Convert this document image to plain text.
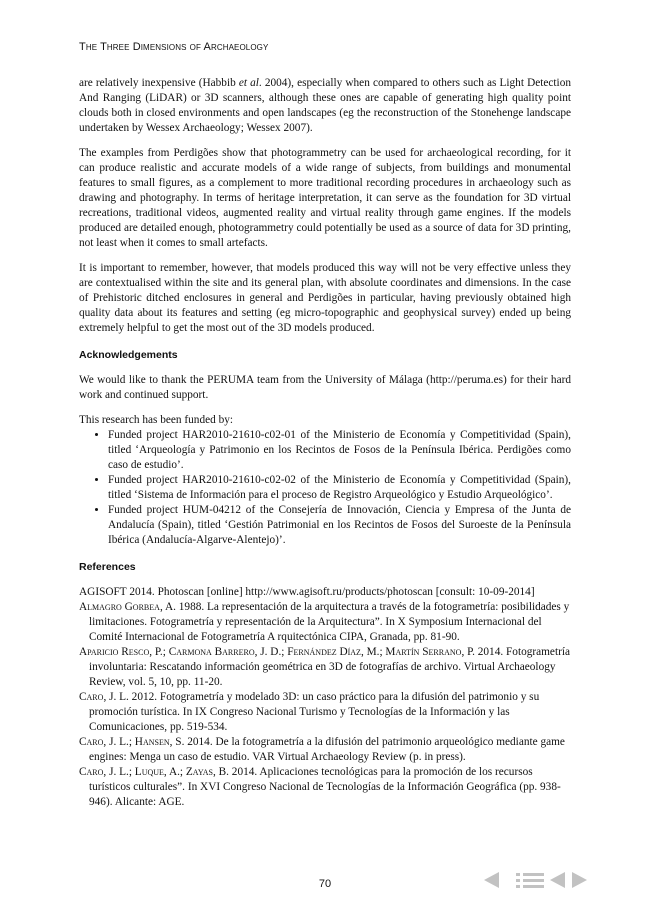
The Three Dimensions of Archaeology

are relatively inexpensive (Habbib et al. 2004), especially when compared to others such as Light Detection And Ranging (LiDAR) or 3D scanners, although these ones are capable of generating high quality point clouds both in closed environments and open landscapes (eg the reconstruction of the Stonehenge landscape undertaken by Wessex Archaeology; Wessex 2007).

The examples from Perdigões show that photogrammetry can be used for archaeological recording, for it can produce realistic and accurate models of a wide range of subjects, from buildings and monumental features to small figures, as a complement to more traditional recording procedures in archaeology such as drawing and photography. In terms of heritage interpretation, it can serve as the foundation for 3D virtual recreations, traditional videos, augmented reality and virtual reality through game engines. If the models produced are detailed enough, photogrammetry could potentially be used as a source of data for 3D printing, not least when it comes to small artefacts.

It is important to remember, however, that models produced this way will not be very effective unless they are contextualised within the site and its general plan, with absolute coordinates and dimensions. In the case of Prehistoric ditched enclosures in general and Perdigões in particular, having previously obtained high quality data about its features and setting (eg micro-topographic and geophysical survey) ended up being extremely helpful to get the most out of the 3D models produced.

Acknowledgements

We would like to thank the PERUMA team from the University of Málaga (http://peruma.es) for their hard work and continued support.

This research has been funded by:

• Funded project HAR2010-21610-c02-01 of the Ministerio de Economía y Competitividad (Spain), titled ‘Arqueología y Patrimonio en los Recintos de Fosos de la Península Ibérica. Perdigões como caso de estudio’.
• Funded project HAR2010-21610-c02-02 of the Ministerio de Economía y Competitividad (Spain), titled ‘Sistema de Información para el proceso de Registro Arqueológico y Estudio Arqueológico’.
• Funded project HUM-04212 of the Consejería de Innovación, Ciencia y Empresa of the Junta de Andalucía (Spain), titled ‘Gestión Patrimonial en los Recintos de Fosos del Suroeste de la Península Ibérica (Andalucía-Algarve-Alentejo)’.
References
AGISOFT 2014. Photoscan [online] http://www.agisoft.ru/products/photoscan [consult: 10-09-2014]
Almagro Gorbea, A. 1988. La representación de la arquitectura a través de la fotogrametría: posibilidades y limitaciones. Fotogrametría y representación de la Arquitectura”. In X Symposium Internacional del Comité Internacional de Fotogrametría A rquitectónica CIPA, Granada, pp. 81-90.
Aparicio Resco, P.; Carmona Barrero, J. D.; Fernández Díaz, M.; Martín Serrano, P. 2014. Fotogrametría involuntaria: Rescatando información geométrica en 3D de fotografías de archivo. Virtual Archaeology Review, vol. 5, 10, pp. 11-20.
Caro, J. L. 2012. Fotogrametría y modelado 3D: un caso práctico para la difusión del patrimonio y su promoción turística. In IX Congreso Nacional Turismo y Tecnologías de la Información y las Comunicaciones, pp. 519-534.
Caro, J. L.; Hansen, S. 2014. De la fotogrametría a la difusión del patrimonio arqueológico mediante game engines: Menga un caso de estudio. VAR Virtual Archaeology Review (p. in press).
Caro, J. L.; Luque, A.; Zayas, B. 2014. Aplicaciones tecnológicas para la promoción de los recursos turísticos culturales”. In XVI Congreso Nacional de Tecnologías de la Información Geográfica (pp. 938-946). Alicante: AGE.
70
